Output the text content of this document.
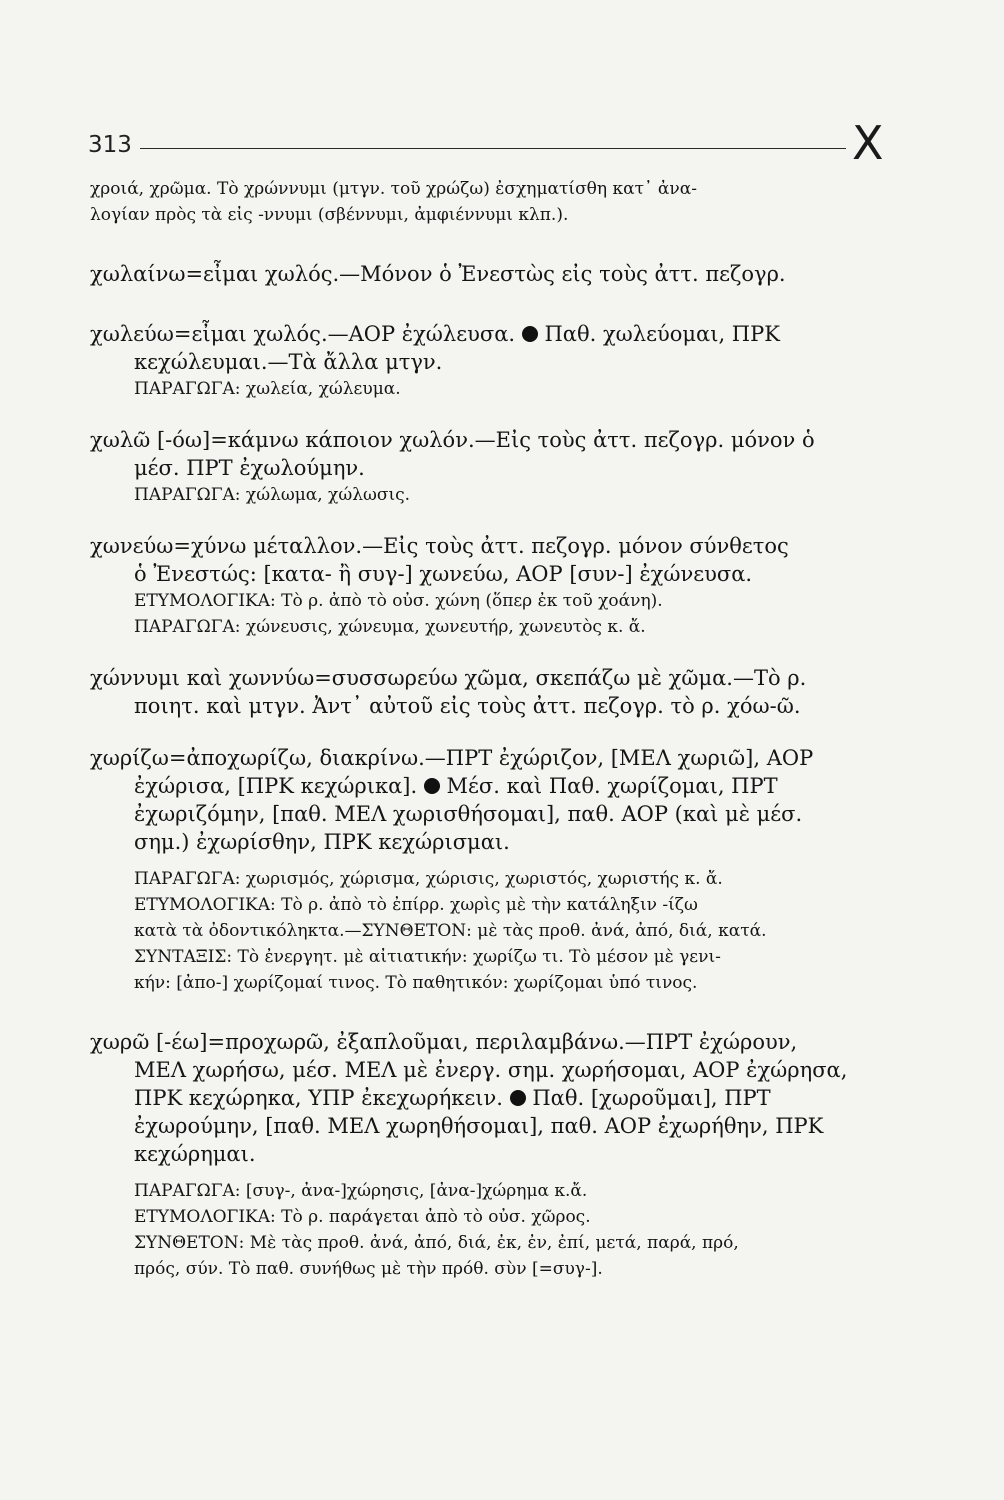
313	Χ
χροιά, χρῶμα. Τὸ χρώννυμι (μτγν. τοῦ χρώζω) ἐσχηματίσθη κατ᾽ ἀνα-
λογίαν πρὸς τὰ εἰς -ννυμι (σβέννυμι, ἀμφιέννυμι κλπ.).
χωλαίνω=εἶμαι χωλός.—Μόνον ὁ Ἐνεστὼς εἰς τοὺς ἀττ. πεζογρ.
χωλεύω=εἶμαι χωλός.—ΑΟΡ ἐχώλευσα. Παθ. χωλεύομαι, ΠΡΚ
κεχώλευμαι.—Τὰ ἄλλα μτγν.
ΠΑΡΑΓΩΓΑ: χωλεία, χώλευμα.
χωλῶ [-όω]=κάμνω κάποιον χωλόν.—Εἰς τοὺς ἀττ. πεζογρ. μόνον ὁ
μέσ. ΠΡΤ ἐχωλούμην.
ΠΑΡΑΓΩΓΑ: χώλωμα, χώλωσις.
χωνεύω=χύνω μέταλλον.—Εἰς τοὺς ἀττ. πεζογρ. μόνον σύνθετος
ὁ Ἐνεστώς: [κατα- ἢ συγ-] χωνεύω, ΑΟΡ [συν-] ἐχώνευσα.
ΕΤΥΜΟΛΟΓΙΚΑ: Τὸ ρ. ἀπὸ τὸ οὐσ. χώνη (ὅπερ ἐκ τοῦ χοάνη).
ΠΑΡΑΓΩΓΑ: χώνευσις, χώνευμα, χωνευτήρ, χωνευτὸς κ. ἄ.
χώννυμι καὶ χωννύω=συσσωρεύω χῶμα, σκεπάζω μὲ χῶμα.—Τὸ ρ.
ποιητ. καὶ μτγν. Ἀντ᾽ αὐτοῦ εἰς τοὺς ἀττ. πεζογρ. τὸ ρ. χόω-ῶ.
χωρίζω=ἀποχωρίζω, διακρίνω.—ΠΡΤ ἐχώριζον, [ΜΕΛ χωριῶ], ΑΟΡ
ἐχώρισα, [ΠΡΚ κεχώρικα]. Μέσ. καὶ Παθ. χωρίζομαι, ΠΡΤ
ἐχωριζόμην, [παθ. ΜΕΛ χωρισθήσομαι], παθ. ΑΟΡ (καὶ μὲ μέσ.
σημ.) ἐχωρίσθην, ΠΡΚ κεχώρισμαι.
ΠΑΡΑΓΩΓΑ: χωρισμός, χώρισμα, χώρισις, χωριστός, χωριστής κ. ἄ.
ΕΤΥΜΟΛΟΓΙΚΑ: Τὸ ρ. ἀπὸ τὸ ἐπίρρ. χωρὶς μὲ τὴν κατάληξιν -ίζω
κατὰ τὰ ὀδοντικόληκτα.—ΣΥΝΘΕΤΟΝ: μὲ τὰς προθ. ἀνά, ἀπό, διά, κατά.
ΣΥΝΤΑΞΙΣ: Τὸ ἐνεργητ. μὲ αἰτιατικήν: χωρίζω τι. Τὸ μέσον μὲ γενι-
κήν: [ἀπο-] χωρίζομαί τινος. Τὸ παθητικόν: χωρίζομαι ὑπό τινος.
χωρῶ [-έω]=προχωρῶ, ἐξαπλοῦμαι, περιλαμβάνω.—ΠΡΤ ἐχώρουν,
ΜΕΛ χωρήσω, μέσ. ΜΕΛ μὲ ἐνεργ. σημ. χωρήσομαι, ΑΟΡ ἐχώρησα,
ΠΡΚ κεχώρηκα, ΥΠΡ ἐκεχωρήκειν. Παθ. [χωροῦμαι], ΠΡΤ
ἐχωρούμην, [παθ. ΜΕΛ χωρηθήσομαι], παθ. ΑΟΡ ἐχωρήθην, ΠΡΚ
κεχώρημαι.
ΠΑΡΑΓΩΓΑ: [συγ-, ἀνα-]χώρησις, [ἀνα-]χώρημα κ.ἄ.
ΕΤΥΜΟΛΟΓΙΚΑ: Τὸ ρ. παράγεται ἀπὸ τὸ οὐσ. χῶρος.
ΣΥΝΘΕΤΟΝ: Μὲ τὰς προθ. ἀνά, ἀπό, διά, ἐκ, ἐν, ἐπί, μετά, παρά, πρό,
πρός, σύν. Τὸ παθ. συνήθως μὲ τὴν πρόθ. σὺν [=συγ-].
